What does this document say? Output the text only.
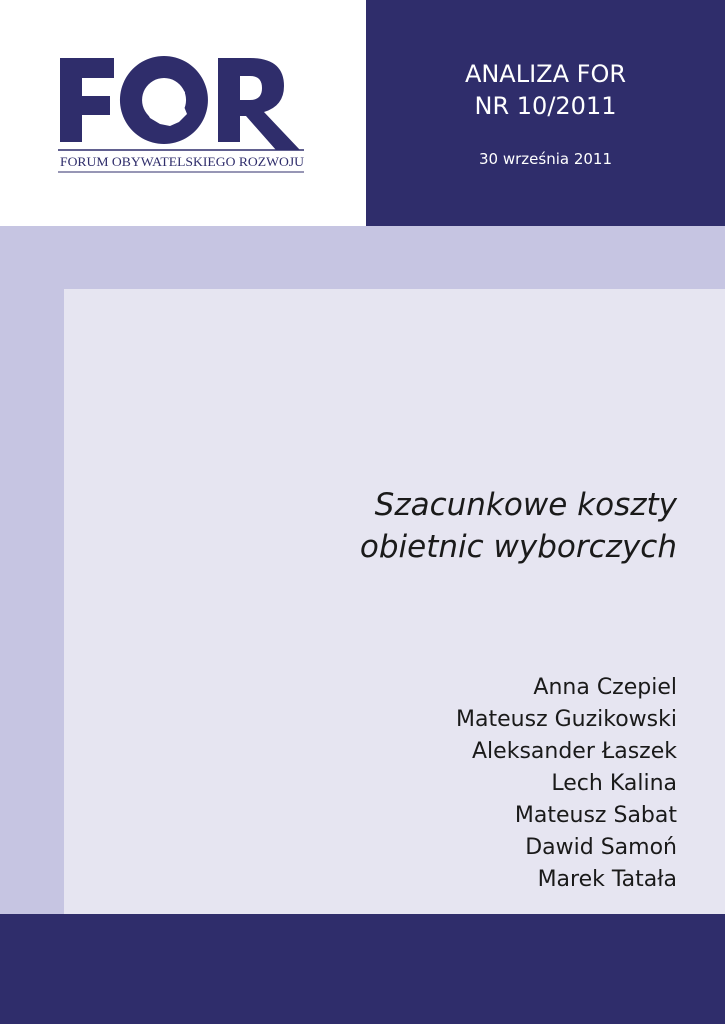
FORUM OBYWATELSKIEGO ROZWOJU
ANALIZA FOR
NR 10/2011
30 września 2011
Szacunkowe koszty
obietnic wyborczych
Anna Czepiel
Mateusz Guzikowski
Aleksander Łaszek
Lech Kalina
Mateusz Sabat
Dawid Samoń
Marek Tatała
